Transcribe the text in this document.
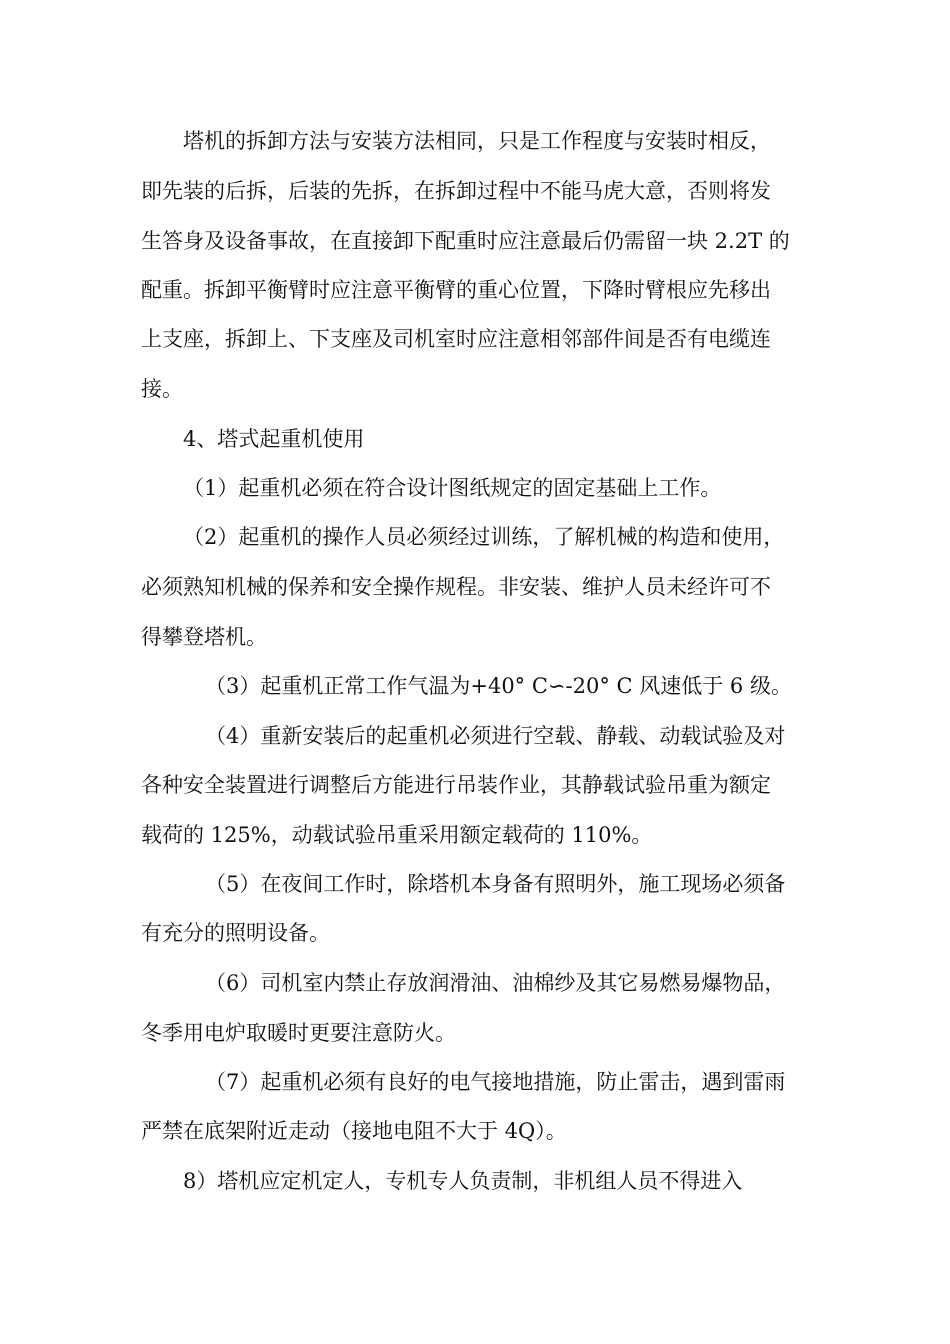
塔机的拆卸方法与安装方法相同，只是工作程度与安装时相反，
即先装的后拆，后装的先拆，在拆卸过程中不能马虎大意，否则将发
生答身及设备事故，在直接卸下配重时应注意最后仍需留一块 2.2T 的
配重。拆卸平衡臂时应注意平衡臂的重心位置，下降时臂根应先移出
上支座，拆卸上、下支座及司机室时应注意相邻部件间是否有电缆连
接。
4、塔式起重机使用
（1）起重机必须在符合设计图纸规定的固定基础上工作。
（2）起重机的操作人员必须经过训练，了解机械的构造和使用，
必须熟知机械的保养和安全操作规程。非安装、维护人员未经许可不
得攀登塔机。
（3）起重机正常工作气温为+40° C∽-20° C 风速低于 6 级。
（4）重新安装后的起重机必须进行空载、静载、动载试验及对
各种安全装置进行调整后方能进行吊装作业，其静载试验吊重为额定
载荷的 125%，动载试验吊重采用额定载荷的 110%。
（5）在夜间工作时，除塔机本身备有照明外，施工现场必须备
有充分的照明设备。
（6）司机室内禁止存放润滑油、油棉纱及其它易燃易爆物品，
冬季用电炉取暖时更要注意防火。
（7）起重机必须有良好的电气接地措施，防止雷击，遇到雷雨
严禁在底架附近走动（接地电阻不大于 4Q）。
8）塔机应定机定人，专机专人负责制，非机组人员不得进入
